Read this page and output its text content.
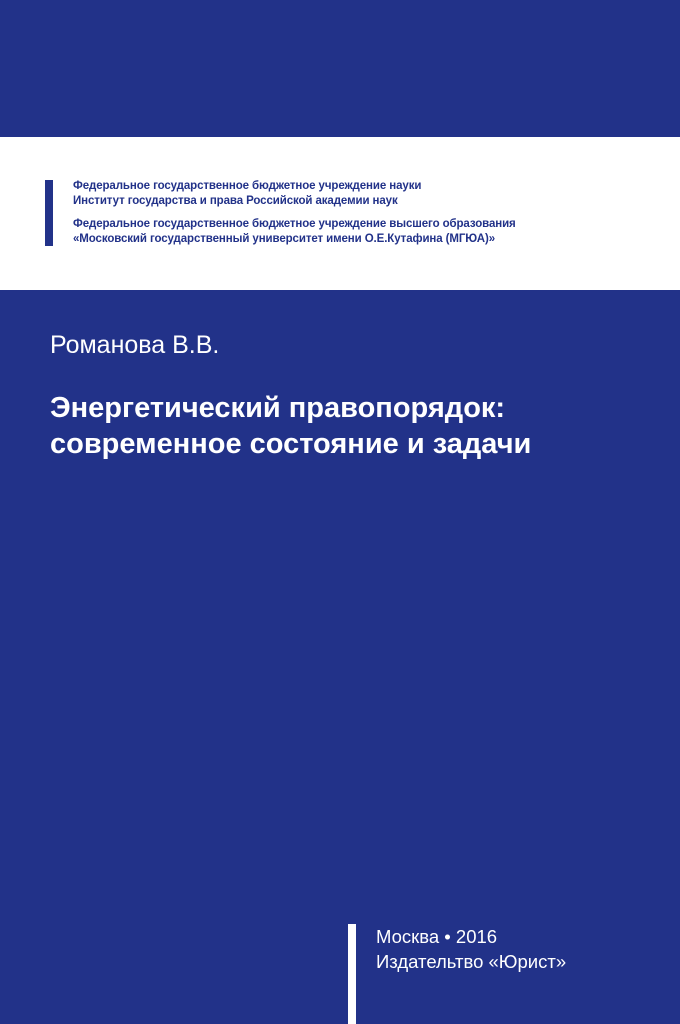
Федеральное государственное бюджетное учреждение науки
Институт государства и права Российской академии наук
Федеральное государственное бюджетное учреждение высшего образования
«Московский государственный университет имени О.Е.Кутафина (МГЮА)»
Романова В.В.
Энергетический правопорядок:
современное состояние и задачи
Москва • 2016
Издательтво «Юрист»
